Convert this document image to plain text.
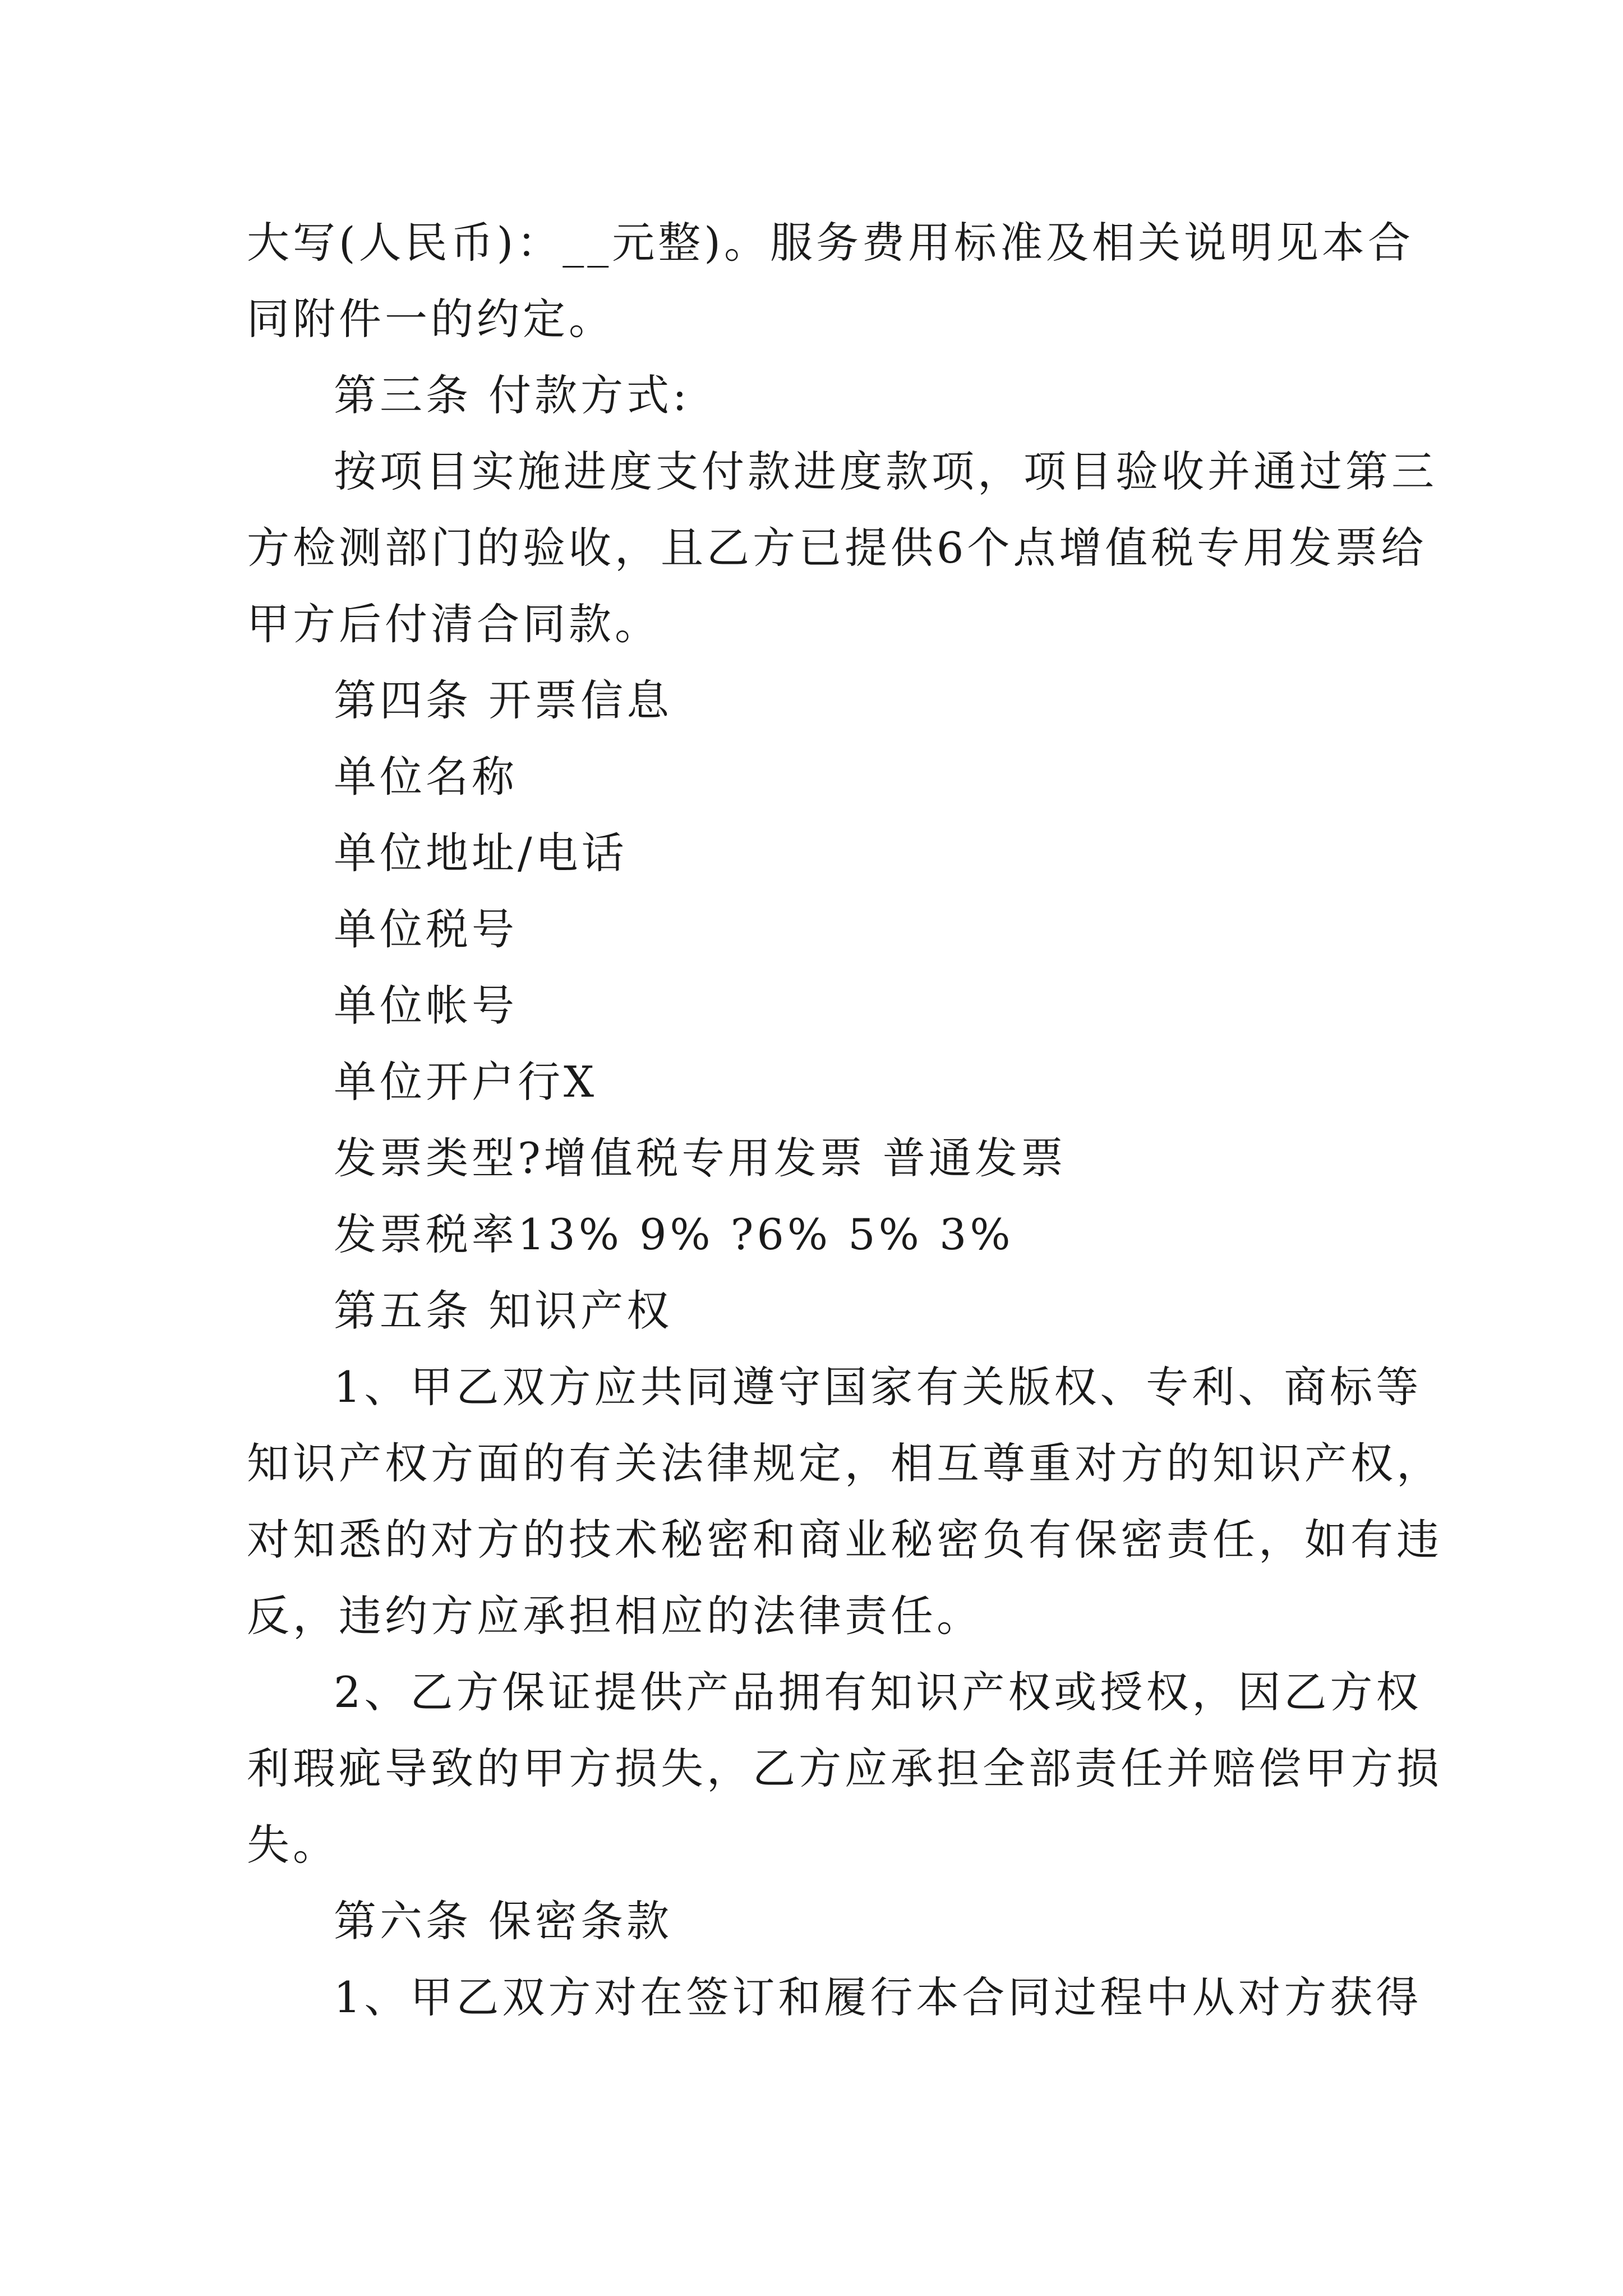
大写(人民币)：__元整)。服务费用标准及相关说明见本合
同附件一的约定。
第三条 付款方式:
按项目实施进度支付款进度款项，项目验收并通过第三
方检测部门的验收，且乙方已提供6个点增值税专用发票给
甲方后付清合同款。
第四条 开票信息
单位名称
单位地址/电话
单位税号
单位帐号
单位开户行X
发票类型?增值税专用发票 普通发票
发票税率13% 9% ?6% 5% 3%
第五条 知识产权
1、甲乙双方应共同遵守国家有关版权、专利、商标等
知识产权方面的有关法律规定，相互尊重对方的知识产权，
对知悉的对方的技术秘密和商业秘密负有保密责任，如有违
反，违约方应承担相应的法律责任。
2、乙方保证提供产品拥有知识产权或授权，因乙方权
利瑕疵导致的甲方损失，乙方应承担全部责任并赔偿甲方损
失。
第六条 保密条款
1、甲乙双方对在签订和履行本合同过程中从对方获得
